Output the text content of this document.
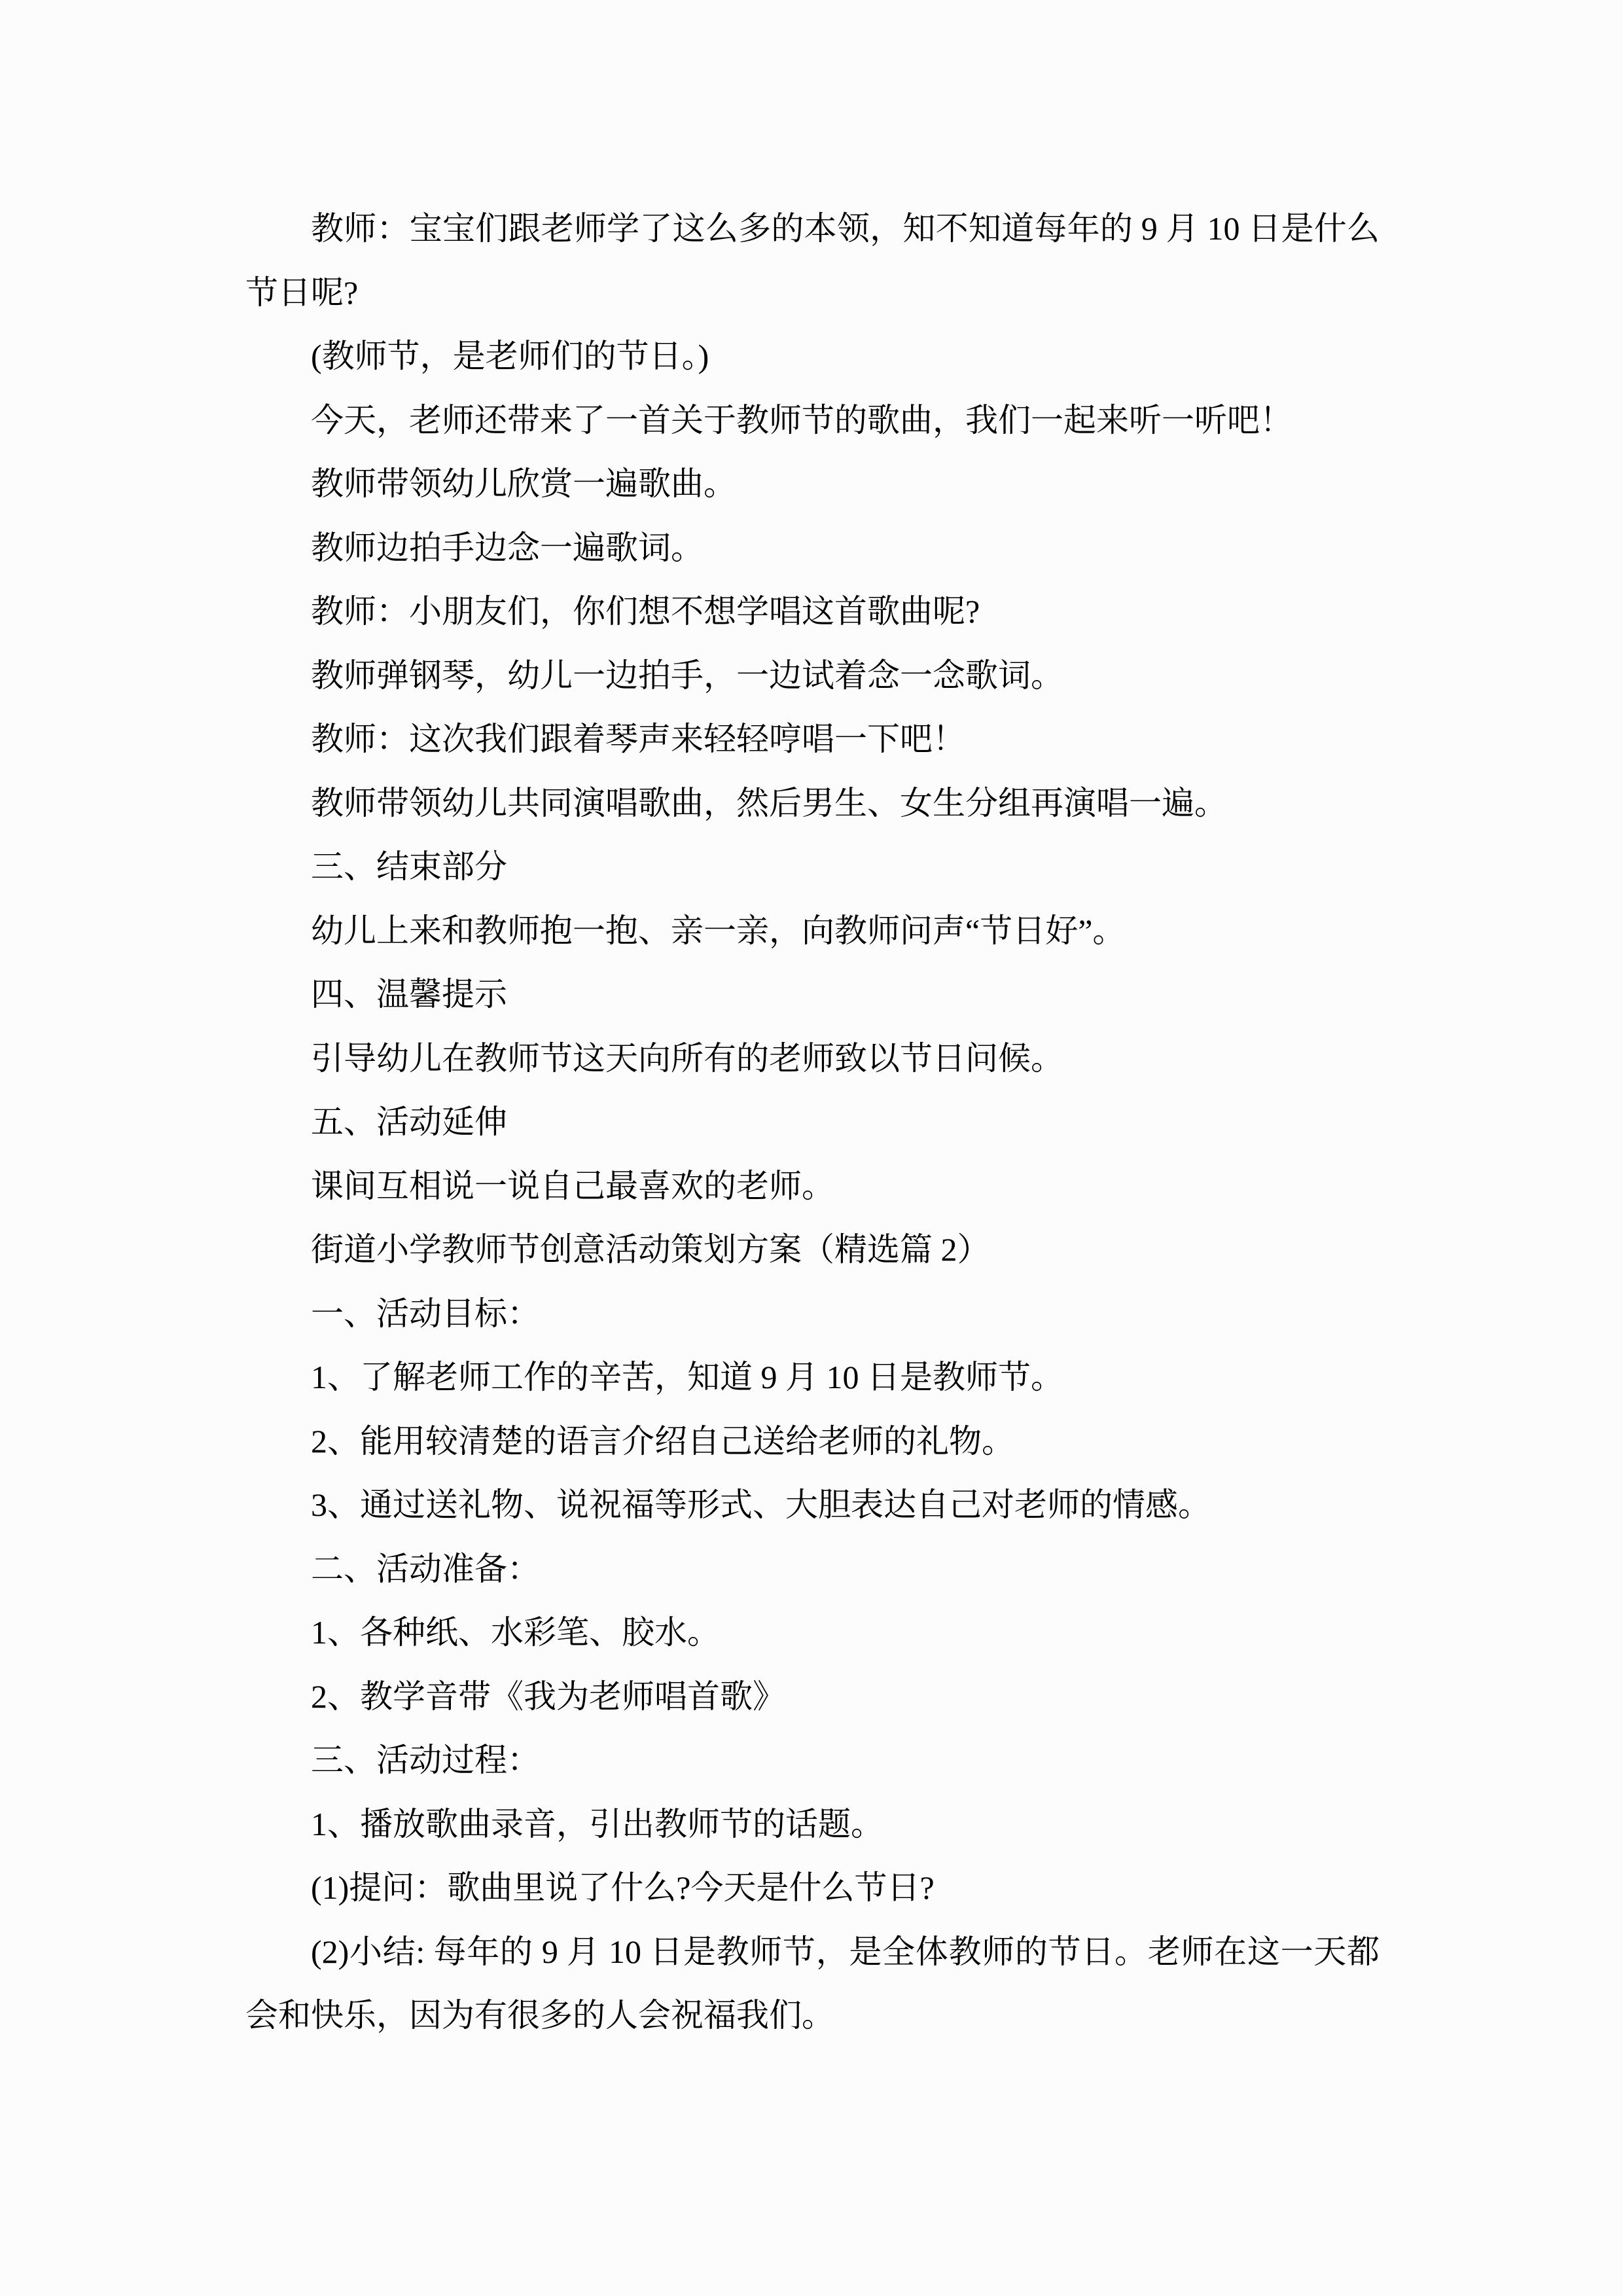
教师：宝宝们跟老师学了这么多的本领，知不知道每年的 9 月 10 日是什么节日呢?

(教师节，是老师们的节日。)

今天，老师还带来了一首关于教师节的歌曲，我们一起来听一听吧！

教师带领幼儿欣赏一遍歌曲。

教师边拍手边念一遍歌词。

教师：小朋友们，你们想不想学唱这首歌曲呢?

教师弹钢琴，幼儿一边拍手，一边试着念一念歌词。

教师：这次我们跟着琴声来轻轻哼唱一下吧！

教师带领幼儿共同演唱歌曲，然后男生、女生分组再演唱一遍。

三、结束部分

幼儿上来和教师抱一抱、亲一亲，向教师问声“节日好”。

四、温馨提示

引导幼儿在教师节这天向所有的老师致以节日问候。

五、活动延伸

课间互相说一说自己最喜欢的老师。

街道小学教师节创意活动策划方案（精选篇 2）

一、活动目标：

1、了解老师工作的辛苦，知道 9 月 10 日是教师节。

2、能用较清楚的语言介绍自己送给老师的礼物。

3、通过送礼物、说祝福等形式、大胆表达自己对老师的情感。

二、活动准备：

1、各种纸、水彩笔、胶水。

2、教学音带《我为老师唱首歌》

三、活动过程：

1、播放歌曲录音，引出教师节的话题。

(1)提问：歌曲里说了什么?今天是什么节日?

(2)小结: 每年的 9 月 10 日是教师节，是全体教师的节日。老师在这一天都会和快乐，因为有很多的人会祝福我们。
